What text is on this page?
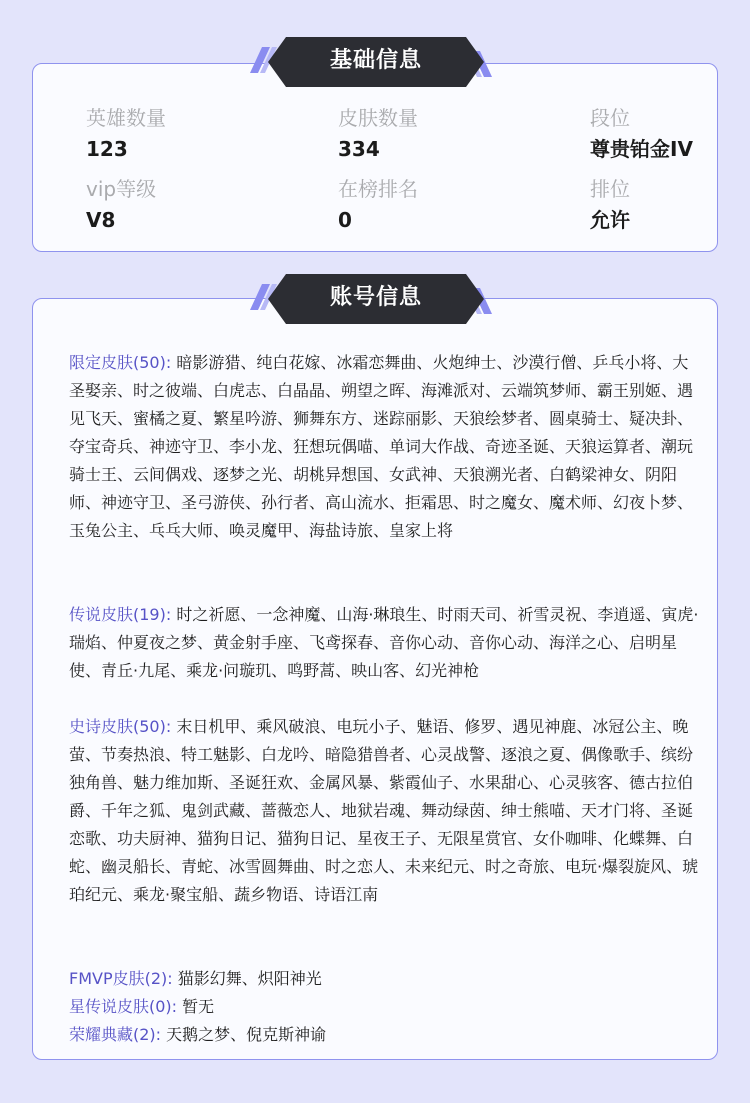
英雄数量
123
皮肤数量
334
段位
尊贵铂金IV
vip等级
V8
在榜排名
0
排位
允许
基础信息
限定皮肤(50): 暗影游猎、纯白花嫁、冰霜恋舞曲、火炮绅士、沙漠行僧、乒乓小将、大圣娶亲、时之彼端、白虎志、白晶晶、朔望之晖、海滩派对、云端筑梦师、霸王别姬、遇见飞天、蜜橘之夏、繁星吟游、狮舞东方、迷踪丽影、天狼绘梦者、圆桌骑士、疑决卦、夺宝奇兵、神迹守卫、李小龙、狂想玩偶喵、单词大作战、奇迹圣诞、天狼运算者、潮玩骑士王、云间偶戏、逐梦之光、胡桃异想国、女武神、天狼溯光者、白鹤梁神女、阴阳师、神迹守卫、圣弓游侠、孙行者、高山流水、拒霜思、时之魔女、魔术师、幻夜卜梦、玉兔公主、乓乓大师、唤灵魔甲、海盐诗旅、皇家上将
传说皮肤(19): 时之祈愿、一念神魔、山海·琳琅生、时雨天司、祈雪灵祝、李逍遥、寅虎·瑞焰、仲夏夜之梦、黄金射手座、飞鸢探春、音你心动、音你心动、海洋之心、启明星使、青丘·九尾、乘龙·问璇玑、鸣野蒿、映山客、幻光神枪
史诗皮肤(50): 末日机甲、乘风破浪、电玩小子、魅语、修罗、遇见神鹿、冰冠公主、晚萤、节奏热浪、特工魅影、白龙吟、暗隐猎兽者、心灵战警、逐浪之夏、偶像歌手、缤纷独角兽、魅力维加斯、圣诞狂欢、金属风暴、紫霞仙子、水果甜心、心灵骇客、德古拉伯爵、千年之狐、鬼剑武藏、蔷薇恋人、地狱岩魂、舞动绿茵、绅士熊喵、天才门将、圣诞恋歌、功夫厨神、猫狗日记、猫狗日记、星夜王子、无限星赏官、女仆咖啡、化蝶舞、白蛇、幽灵船长、青蛇、冰雪圆舞曲、时之恋人、未来纪元、时之奇旅、电玩·爆裂旋风、琥珀纪元、乘龙·聚宝船、蔬乡物语、诗语江南
FMVP皮肤(2): 猫影幻舞、炽阳神光
星传说皮肤(0): 暂无
荣耀典藏(2): 天鹅之梦、倪克斯神谕
账号信息
